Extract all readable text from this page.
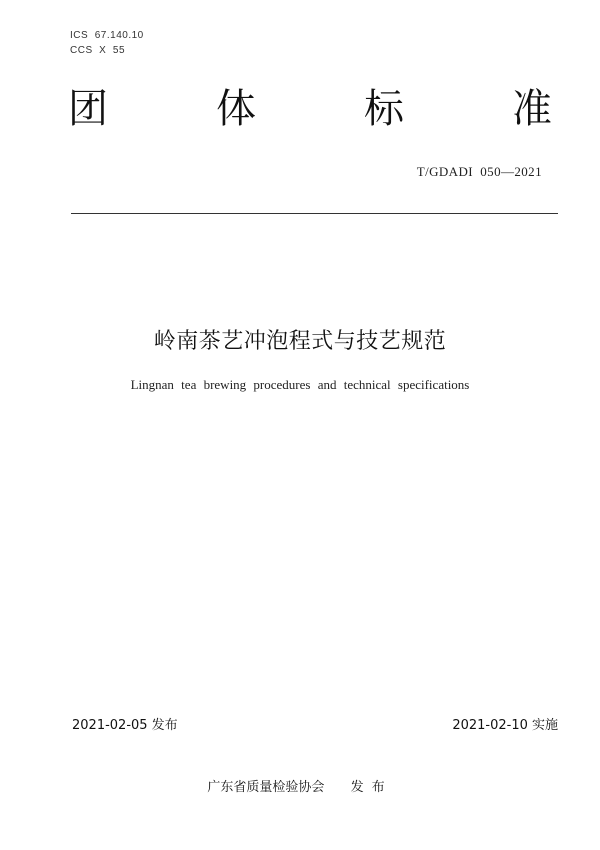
ICS  67.140.10
CCS  X  55
团	体	标	准
T/GDADI  050—2021
岭南茶艺冲泡程式与技艺规范
Lingnan tea brewing procedures and technical specifications
2021-02-05 发布	2021-02-10 实施
广东省质量检验协会 发布
